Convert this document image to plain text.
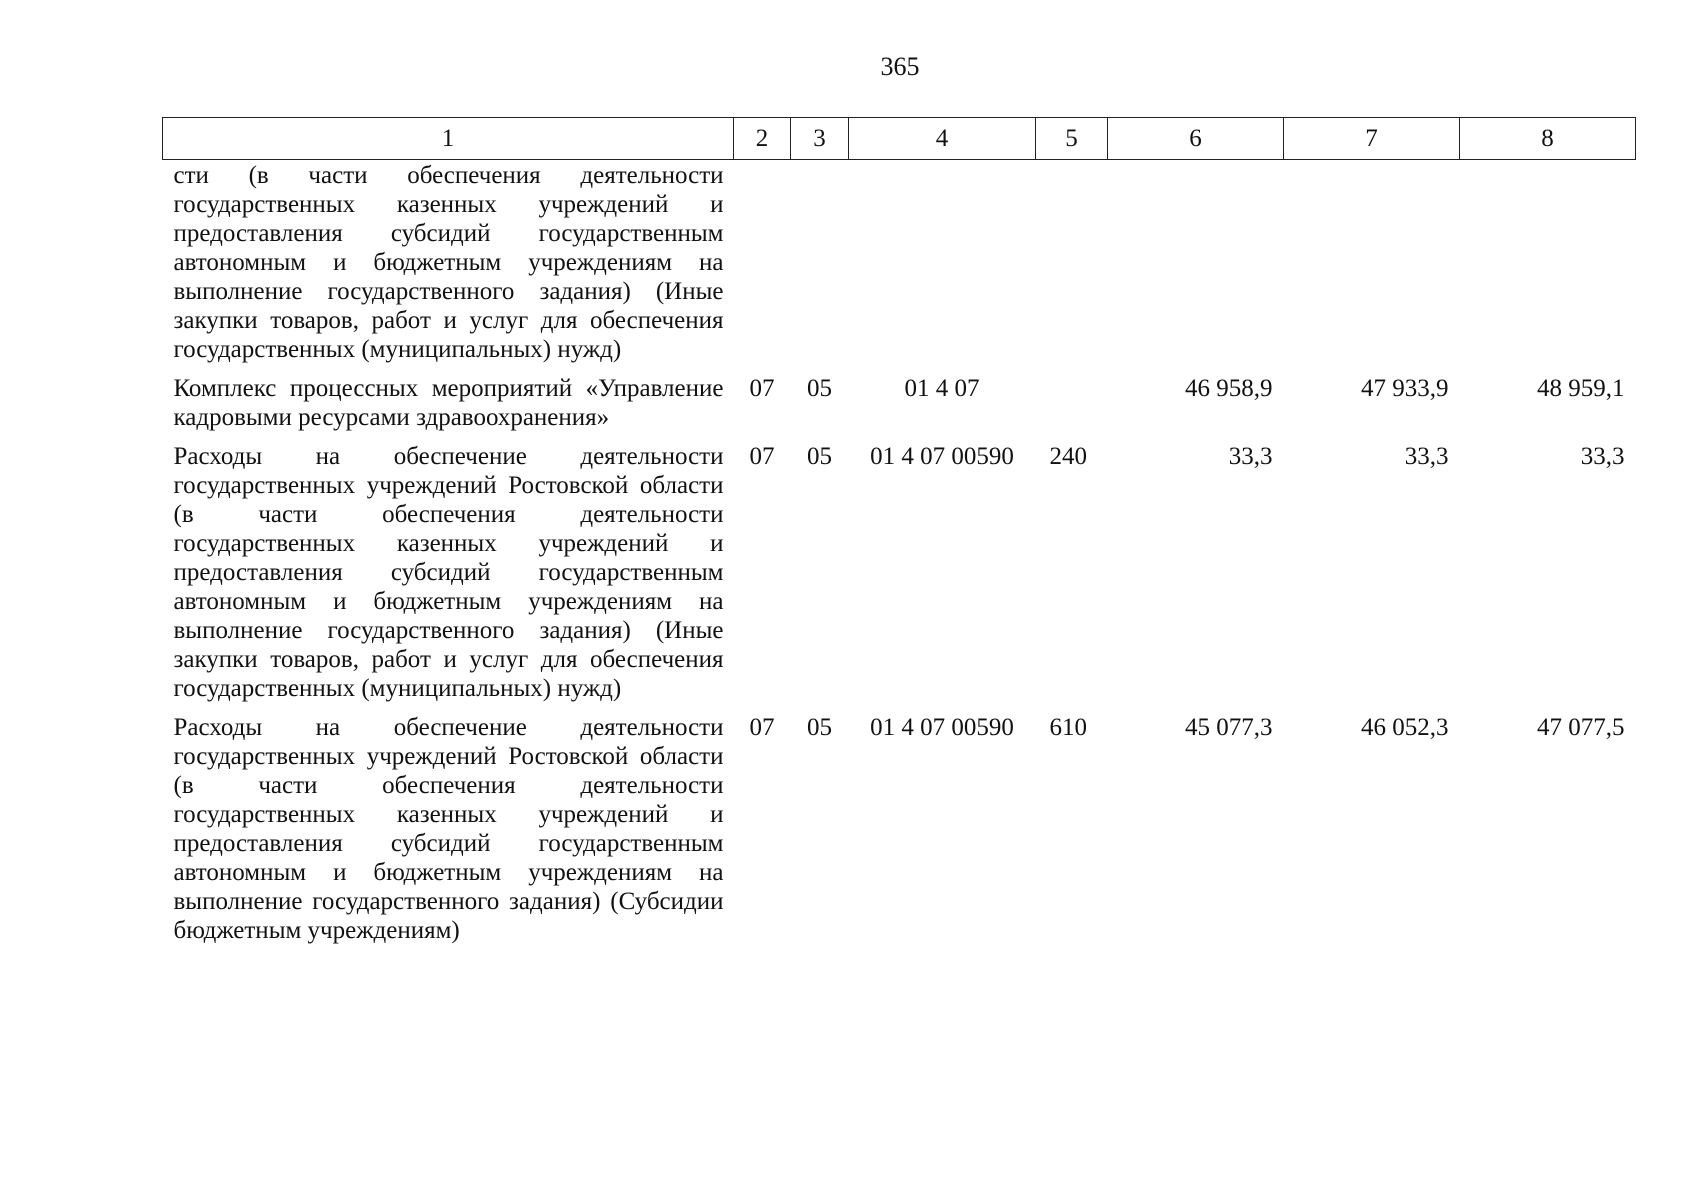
365
1	2	3	4	5	6	7	8
сти (в части обеспечения деятельности государственных казенных учреждений и предоставления субсидий государственным автономным и бюджетным учреждениям на выполнение государственного задания) (Иные закупки товаров, работ и услуг для обеспечения государственных (муниципальных) нужд)							
Комплекс процессных мероприятий «Управление кадровыми ресурсами здравоохранения»	07	05	01 4 07		46 958,9	47 933,9	48 959,1
Расходы на обеспечение деятельности государственных учреждений Ростовской области (в части обеспечения деятельности государственных казенных учреждений и предоставления субсидий государственным автономным и бюджетным учреждениям на выполнение государственного задания) (Иные закупки товаров, работ и услуг для обеспечения государственных (муниципальных) нужд)	07	05	01 4 07 00590	240	33,3	33,3	33,3
Расходы на обеспечение деятельности государственных учреждений Ростовской области (в части обеспечения деятельности государственных казенных учреждений и предоставления субсидий государственным автономным и бюджетным учреждениям на выполнение государственного задания) (Субсидии бюджетным учреждениям)	07	05	01 4 07 00590	610	45 077,3	46 052,3	47 077,5
